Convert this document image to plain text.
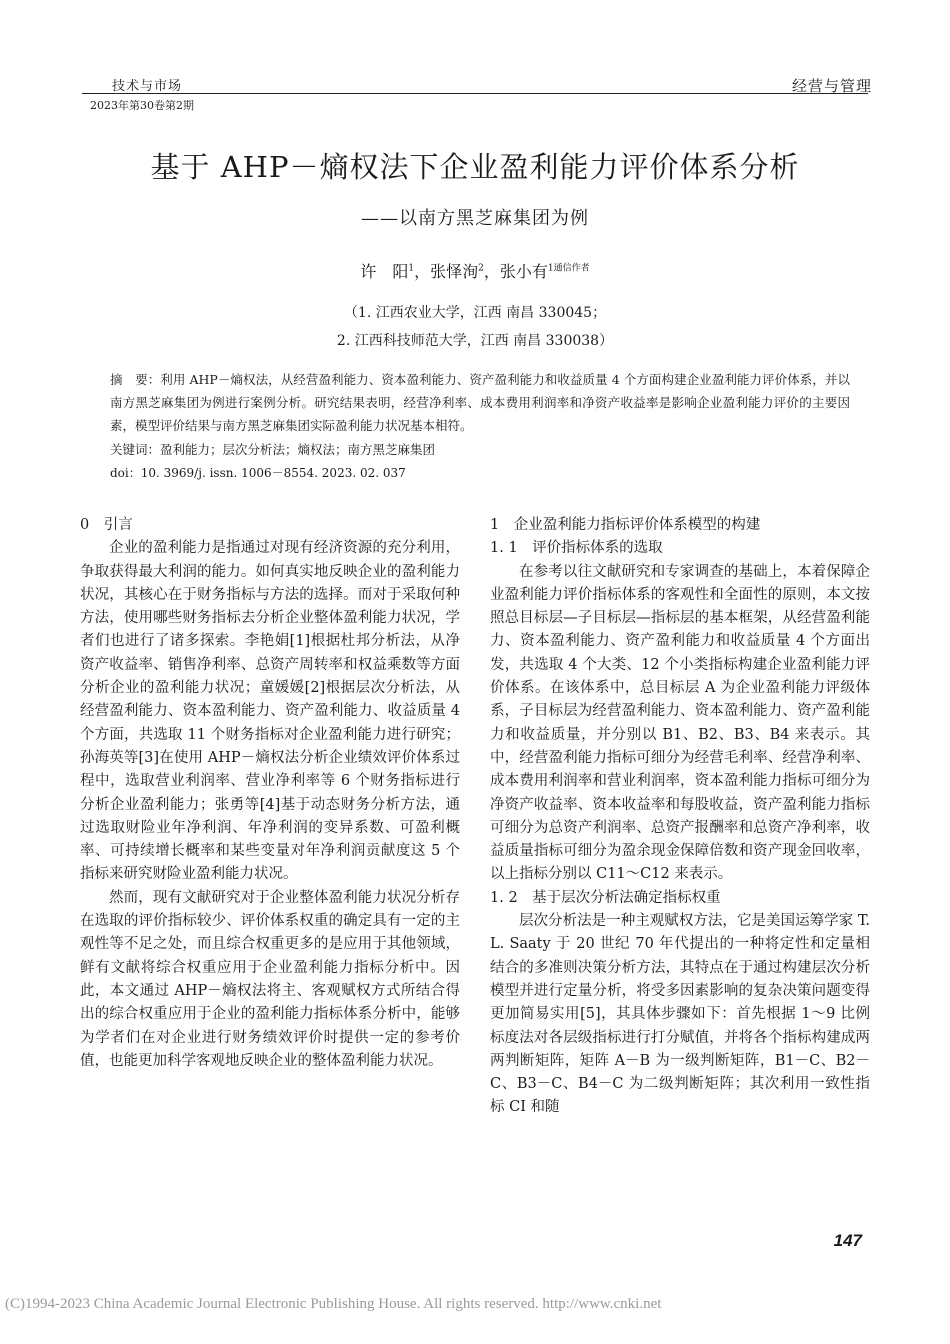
技术与市场	经营与管理
2023年第30卷第2期
基于 AHP－熵权法下企业盈利能力评价体系分析
——以南方黑芝麻集团为例
许　阳$^1$，张怿洵$^2$，张小有$^{1通信作者}$
（1. 江西农业大学，江西 南昌 330045；
2. 江西科技师范大学，江西 南昌 330038）
摘　要：利用 AHP－熵权法，从经营盈利能力、资本盈利能力、资产盈利能力和收益质量 4 个方面构建企业盈利能力评价体系，并以南方黑芝麻集团为例进行案例分析。研究结果表明，经营净利率、成本费用利润率和净资产收益率是影响企业盈利能力评价的主要因素，模型评价结果与南方黑芝麻集团实际盈利能力状况基本相符。
关键词：盈利能力；层次分析法；熵权法；南方黑芝麻集团
doi：10. 3969/j. issn. 1006－8554. 2023. 02. 037
0　引言

企业的盈利能力是指通过对现有经济资源的充分利用，争取获得最大利润的能力。如何真实地反映企业的盈利能力状况，其核心在于财务指标与方法的选择。而对于采取何种方法，使用哪些财务指标去分析企业整体盈利能力状况，学者们也进行了诸多探索。李艳娟[1]根据杜邦分析法，从净资产收益率、销售净利率、总资产周转率和权益乘数等方面分析企业的盈利能力状况；童媛媛[2]根据层次分析法，从经营盈利能力、资本盈利能力、资产盈利能力、收益质量 4 个方面，共选取 11 个财务指标对企业盈利能力进行研究；孙海英等[3]在使用 AHP－熵权法分析企业绩效评价体系过程中，选取营业利润率、营业净利率等 6 个财务指标进行分析企业盈利能力；张勇等[4]基于动态财务分析方法，通过选取财险业年净利润、年净利润的变异系数、可盈利概率、可持续增长概率和某些变量对年净利润贡献度这 5 个指标来研究财险业盈利能力状况。

然而，现有文献研究对于企业整体盈利能力状况分析存在选取的评价指标较少、评价体系权重的确定具有一定的主观性等不足之处，而且综合权重更多的是应用于其他领域，鲜有文献将综合权重应用于企业盈利能力指标分析中。因此，本文通过 AHP－熵权法将主、客观赋权方式所结合得出的综合权重应用于企业的盈利能力指标体系分析中，能够为学者们在对企业进行财务绩效评价时提供一定的参考价值，也能更加科学客观地反映企业的整体盈利能力状况。

1　企业盈利能力指标评价体系模型的构建
1. 1　评价指标体系的选取

在参考以往文献研究和专家调查的基础上，本着保障企业盈利能力评价指标体系的客观性和全面性的原则，本文按照总目标层—子目标层—指标层的基本框架，从经营盈利能力、资本盈利能力、资产盈利能力和收益质量 4 个方面出发，共选取 4 个大类、12 个小类指标构建企业盈利能力评价体系。在该体系中，总目标层 A 为企业盈利能力评级体系，子目标层为经营盈利能力、资本盈利能力、资产盈利能力和收益质量，并分别以 B1、B2、B3、B4 来表示。其中，经营盈利能力指标可细分为经营毛利率、经营净利率、成本费用利润率和营业利润率，资本盈利能力指标可细分为净资产收益率、资本收益率和每股收益，资产盈利能力指标可细分为总资产利润率、总资产报酬率和总资产净利率，收益质量指标可细分为盈余现金保障倍数和资产现金回收率，以上指标分别以 C11～C12 来表示。

1. 2　基于层次分析法确定指标权重

层次分析法是一种主观赋权方法，它是美国运筹学家 T. L. Saaty 于 20 世纪 70 年代提出的一种将定性和定量相结合的多准则决策分析方法，其特点在于通过构建层次分析模型并进行定量分析，将受多因素影响的复杂决策问题变得更加简易实用[5]，其具体步骤如下：首先根据 1～9 比例标度法对各层级指标进行打分赋值，并将各个指标构建成两两判断矩阵，矩阵 A－B 为一级判断矩阵，B1－C、B2－C、B3－C、B4－C 为二级判断矩阵；其次利用一致性指标 CI 和随

147
(C)1994-2023 China Academic Journal Electronic Publishing House. All rights reserved. http://www.cnki.net
